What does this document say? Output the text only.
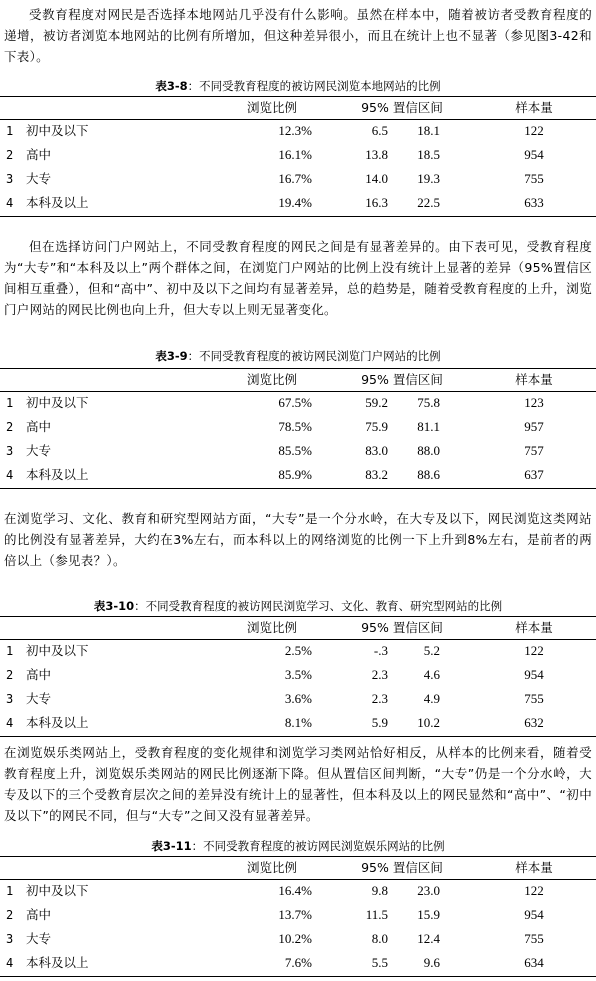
受教育程度对网民是否选择本地网站几乎没有什么影响。虽然在样本中，随着被访者受教育程度的递增，被访者浏览本地网站的比例有所增加，但这种差异很小，而且在统计上也不显著（参见图3-42和下表）。
表3-8：不同受教育程度的被访网民浏览本地网站的比例
浏览比例	95% 置信区间	样本量
1	初中及以下	12.3%	6.5	18.1	122
2	高中	16.1%	13.8	18.5	954
3	大专	16.7%	14.0	19.3	755
4	本科及以上	19.4%	16.3	22.5	633
但在选择访问门户网站上，不同受教育程度的网民之间是有显著差异的。由下表可见，受教育程度为“大专”和“本科及以上”两个群体之间，在浏览门户网站的比例上没有统计上显著的差异（95%置信区间相互重叠），但和“高中”、初中及以下之间均有显著差异，总的趋势是，随着受教育程度的上升，浏览门户网站的网民比例也向上升，但大专以上则无显著变化。
表3-9：不同受教育程度的被访网民浏览门户网站的比例
浏览比例	95% 置信区间	样本量
1	初中及以下	67.5%	59.2	75.8	123
2	高中	78.5%	75.9	81.1	957
3	大专	85.5%	83.0	88.0	757
4	本科及以上	85.9%	83.2	88.6	637
在浏览学习、文化、教育和研究型网站方面，“大专”是一个分水岭，在大专及以下，网民浏览这类网站的比例没有显著差异，大约在3%左右，而本科以上的网络浏览的比例一下上升到8%左右，是前者的两倍以上（参见表？）。
表3-10：不同受教育程度的被访网民浏览学习、文化、教育、研究型网站的比例
浏览比例	95% 置信区间	样本量
1	初中及以下	2.5%	-.3	5.2	122
2	高中	3.5%	2.3	4.6	954
3	大专	3.6%	2.3	4.9	755
4	本科及以上	8.1%	5.9	10.2	632
在浏览娱乐类网站上，受教育程度的变化规律和浏览学习类网站恰好相反，从样本的比例来看，随着受教育程度上升，浏览娱乐类网站的网民比例逐渐下降。但从置信区间判断，“大专”仍是一个分水岭，大专及以下的三个受教育层次之间的差异没有统计上的显著性，但本科及以上的网民显然和“高中”、“初中及以下”的网民不同，但与“大专”之间又没有显著差异。
表3-11：不同受教育程度的被访网民浏览娱乐网站的比例
浏览比例	95% 置信区间	样本量
1	初中及以下	16.4%	9.8	23.0	122
2	高中	13.7%	11.5	15.9	954
3	大专	10.2%	8.0	12.4	755
4	本科及以上	7.6%	5.5	9.6	634
